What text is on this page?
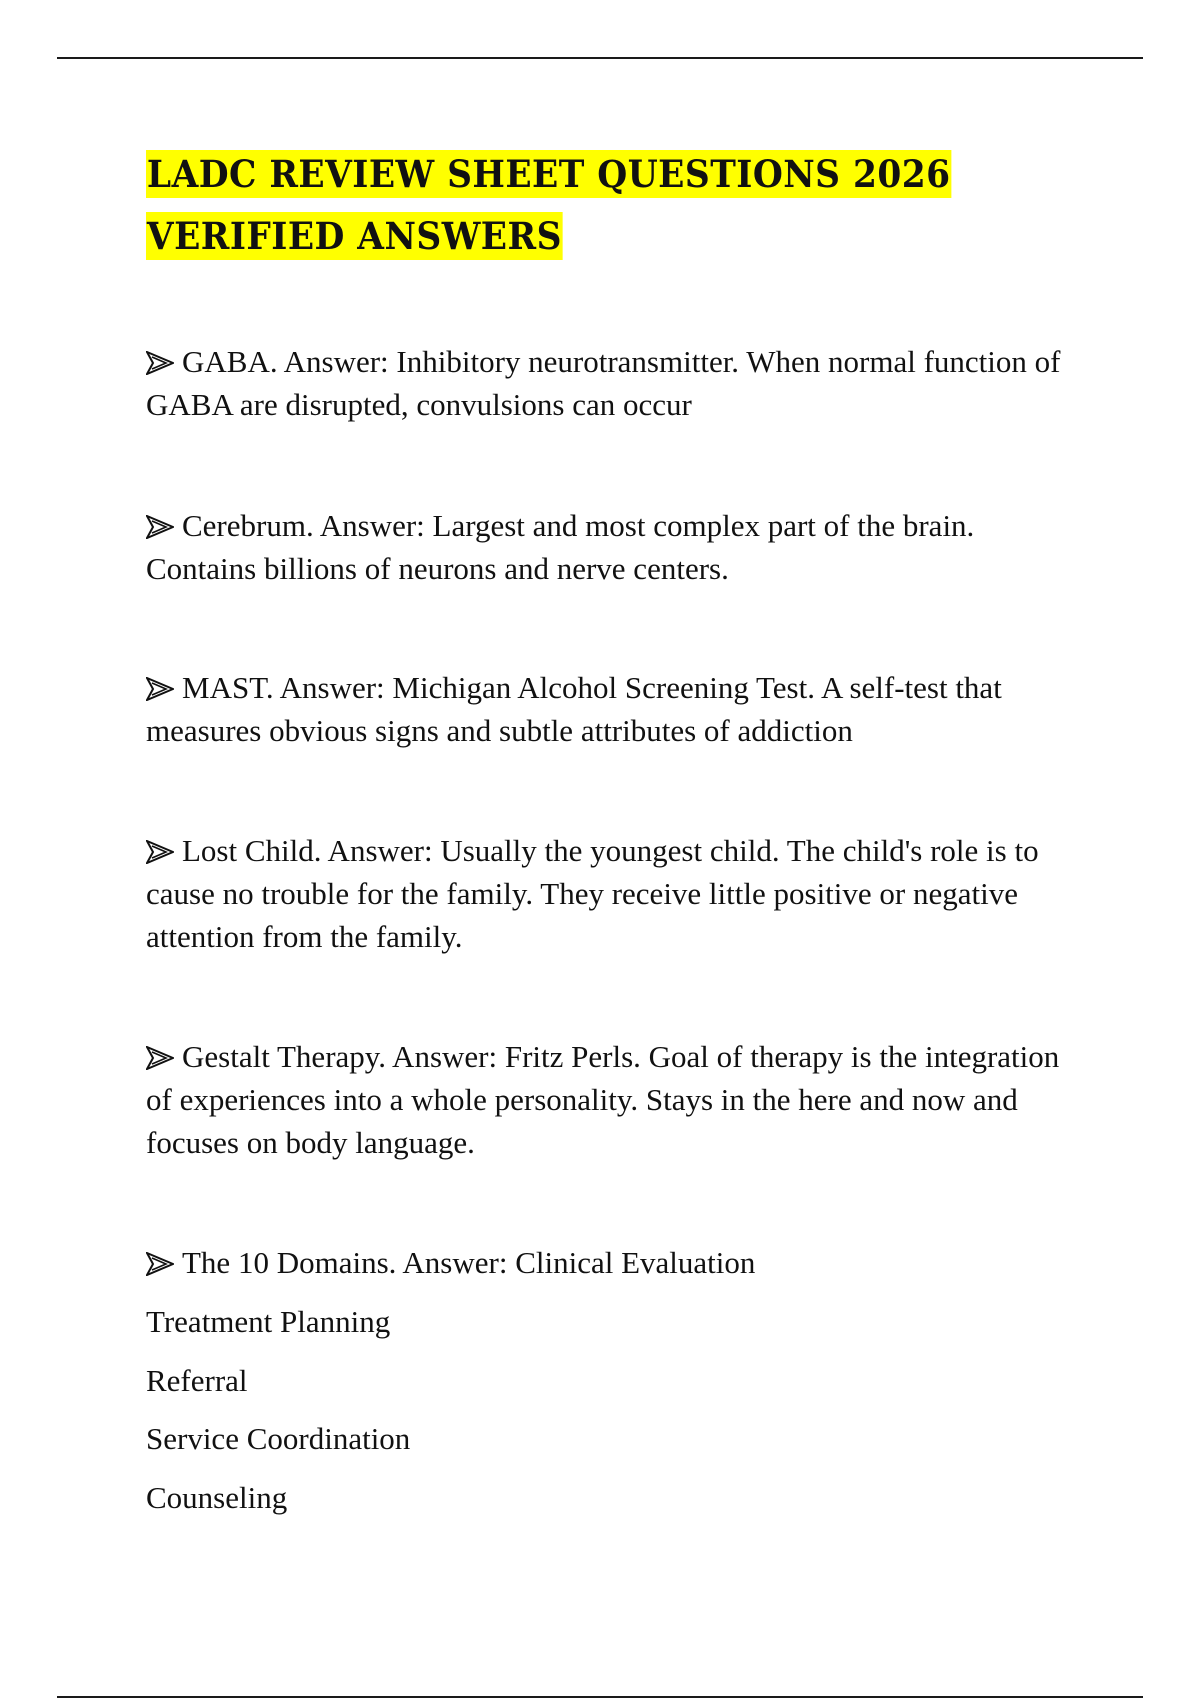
LADC REVIEW SHEET QUESTIONS 2026 VERIFIED ANSWERS

GABA. Answer: Inhibitory neurotransmitter. When normal function of GABA are disrupted, convulsions can occur

Cerebrum. Answer: Largest and most complex part of the brain. Contains billions of neurons and nerve centers.

MAST. Answer: Michigan Alcohol Screening Test. A self-test that measures obvious signs and subtle attributes of addiction

Lost Child. Answer: Usually the youngest child. The child's role is to cause no trouble for the family. They receive little positive or negative attention from the family.

Gestalt Therapy. Answer: Fritz Perls. Goal of therapy is the integration of experiences into a whole personality. Stays in the here and now and focuses on body language.

The 10 Domains. Answer: Clinical Evaluation

Treatment Planning

Referral

Service Coordination

Counseling
